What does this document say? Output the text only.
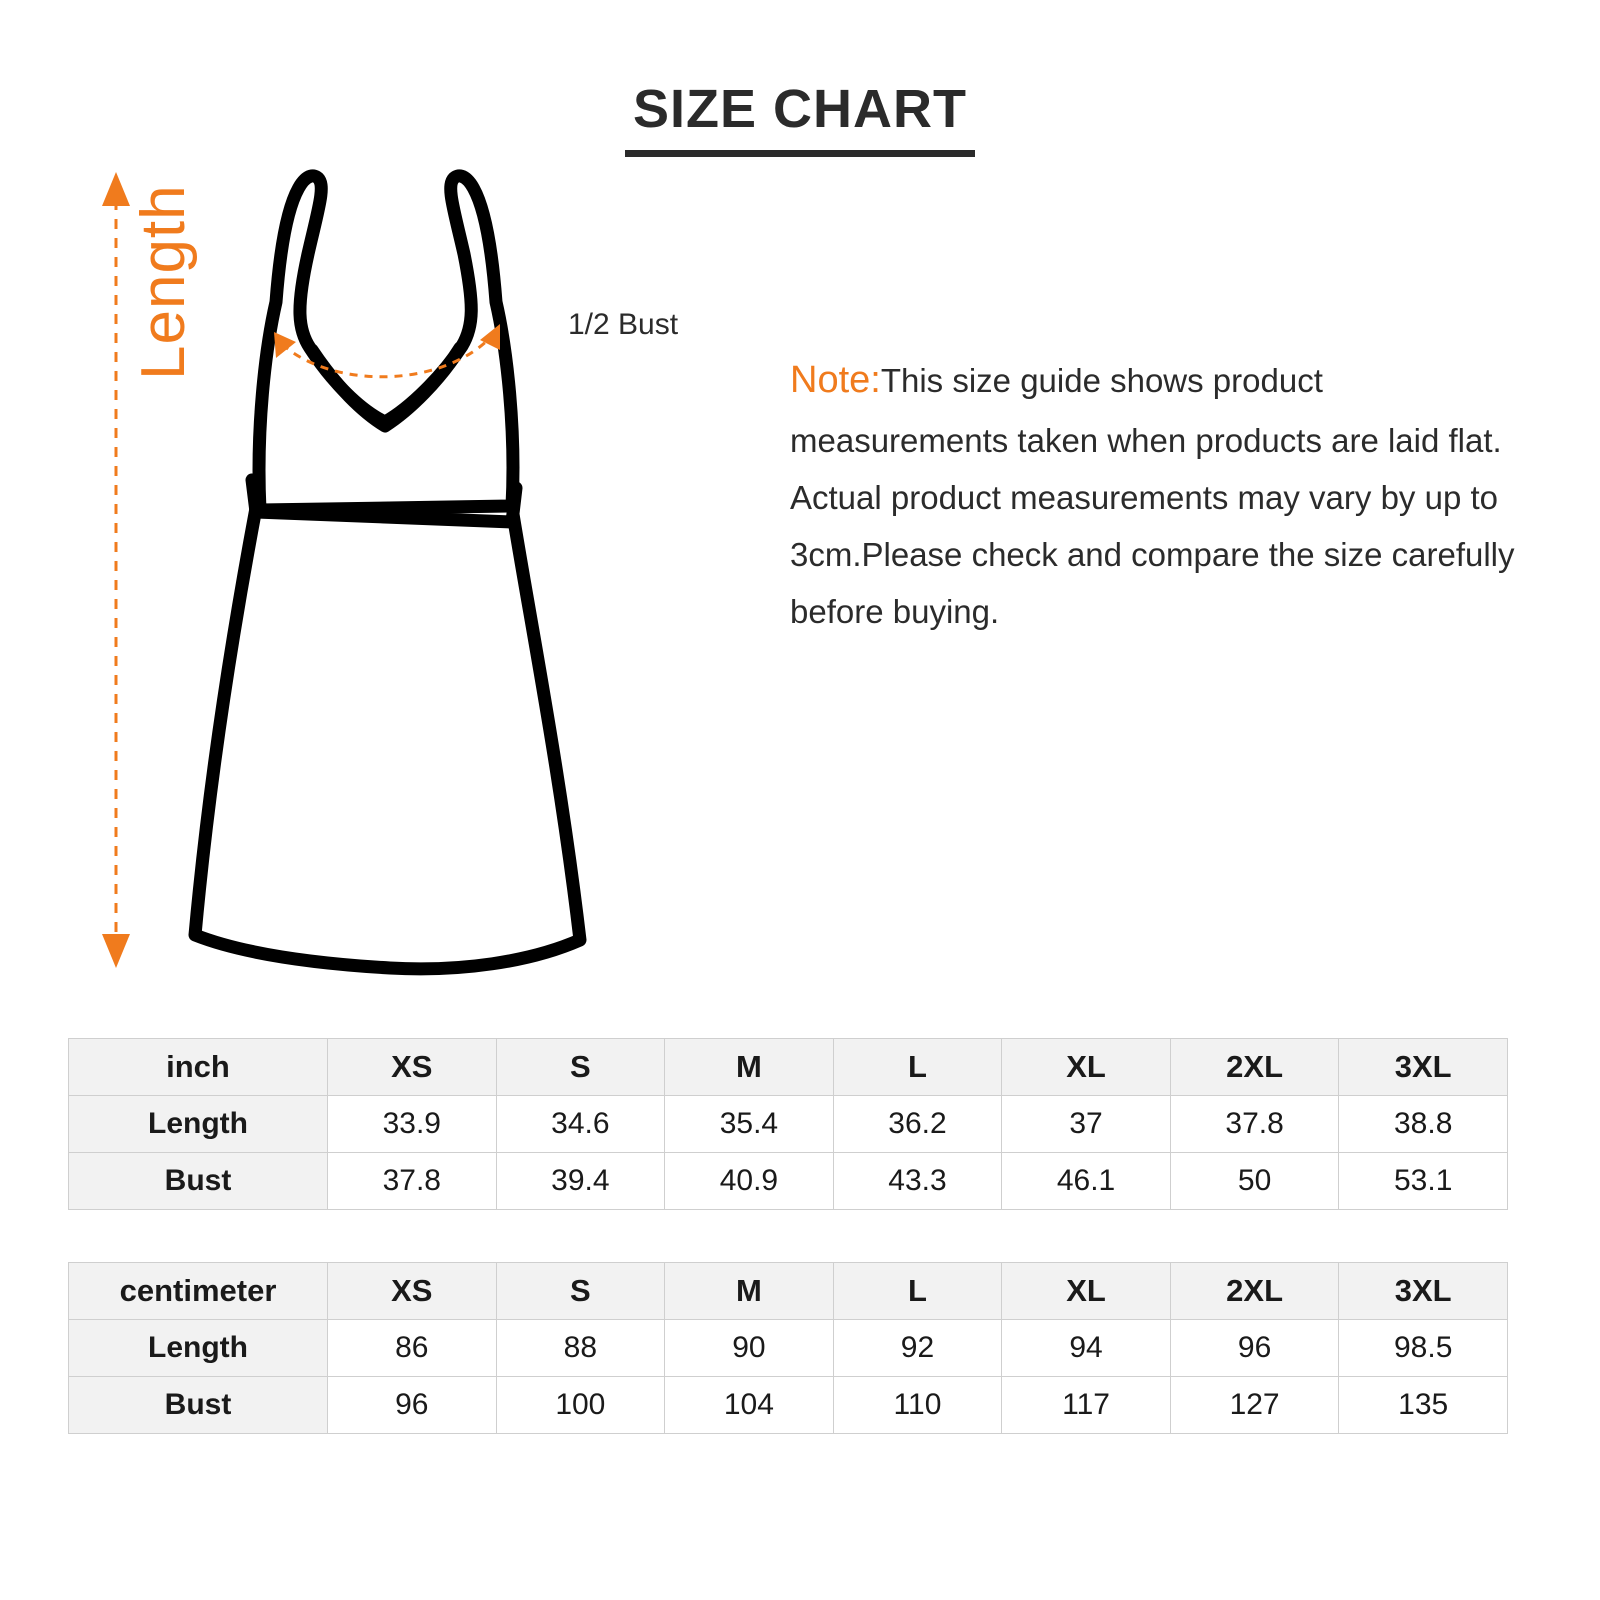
SIZE CHART
Length	1/2 Bust
Note:This size guide shows product measurements taken when products are laid flat. Actual product measurements may vary by up to 3cm.Please check and compare the size carefully before buying.
inch	XS	S	M	L	XL	2XL	3XL
Length	33.9	34.6	35.4	36.2	37	37.8	38.8
Bust	37.8	39.4	40.9	43.3	46.1	50	53.1
centimeter	XS	S	M	L	XL	2XL	3XL
Length	86	88	90	92	94	96	98.5
Bust	96	100	104	110	117	127	135
